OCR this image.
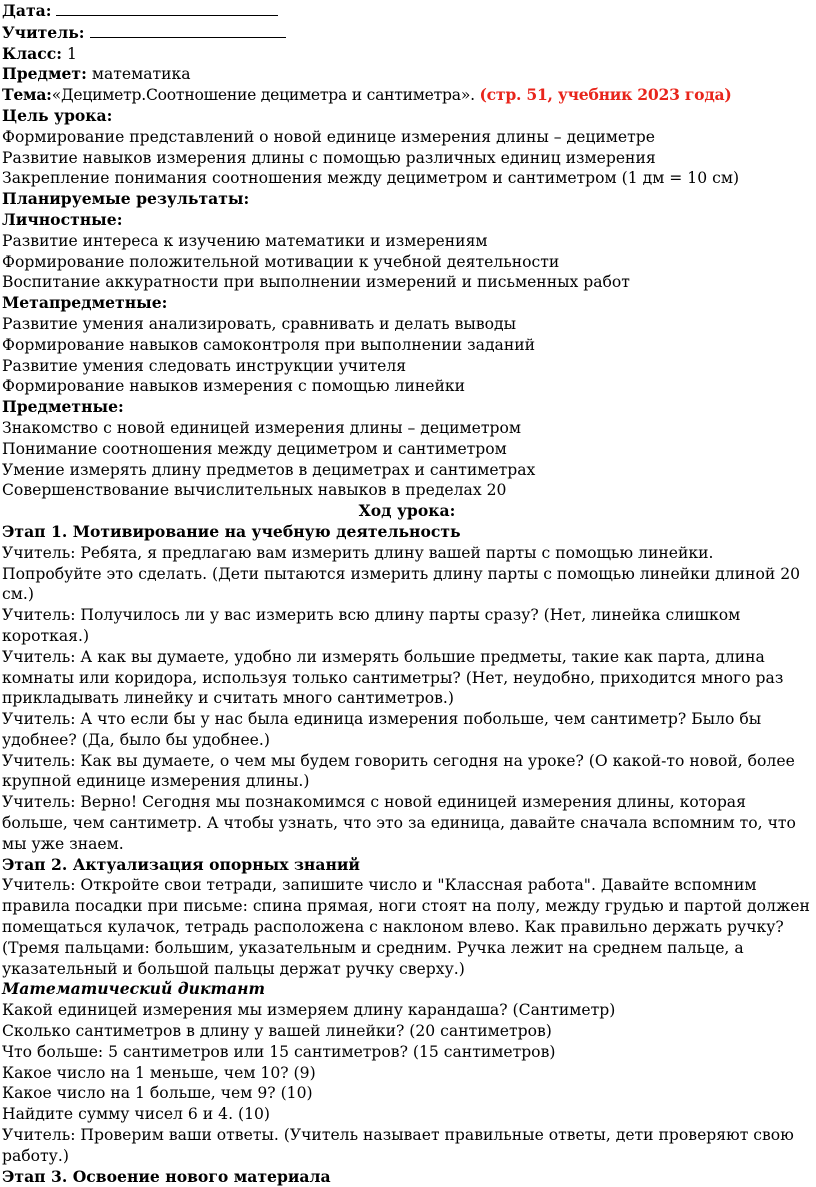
Дата:
Учитель:
Класс: 1
Предмет: математика
Тема:«Дециметр.Соотношение дециметра и сантиметра». (стр. 51, учебник 2023 года)
Цель урока:
Формирование представлений о новой единице измерения длины – дециметре
Развитие навыков измерения длины с помощью различных единиц измерения
Закрепление понимания соотношения между дециметром и сантиметром (1 дм = 10 см)
Планируемые результаты:
Личностные:
Развитие интереса к изучению математики и измерениям
Формирование положительной мотивации к учебной деятельности
Воспитание аккуратности при выполнении измерений и письменных работ
Метапредметные:
Развитие умения анализировать, сравнивать и делать выводы
Формирование навыков самоконтроля при выполнении заданий
Развитие умения следовать инструкции учителя
Формирование навыков измерения с помощью линейки
Предметные:
Знакомство с новой единицей измерения длины – дециметром
Понимание соотношения между дециметром и сантиметром
Умение измерять длину предметов в дециметрах и сантиметрах
Совершенствование вычислительных навыков в пределах 20
Ход урока:
Этап 1. Мотивирование на учебную деятельность
Учитель: Ребята, я предлагаю вам измерить длину вашей парты с помощью линейки. Попробуйте это сделать. (Дети пытаются измерить длину парты с помощью линейки длиной 20 см.)
Учитель: Получилось ли у вас измерить всю длину парты сразу? (Нет, линейка слишком короткая.)
Учитель: А как вы думаете, удобно ли измерять большие предметы, такие как парта, длина комнаты или коридора, используя только сантиметры? (Нет, неудобно, приходится много раз прикладывать линейку и считать много сантиметров.)
Учитель: А что если бы у нас была единица измерения побольше, чем сантиметр? Было бы удобнее? (Да, было бы удобнее.)
Учитель: Как вы думаете, о чем мы будем говорить сегодня на уроке? (О какой-то новой, более крупной единице измерения длины.)
Учитель: Верно! Сегодня мы познакомимся с новой единицей измерения длины, которая больше, чем сантиметр. А чтобы узнать, что это за единица, давайте сначала вспомним то, что мы уже знаем.
Этап 2. Актуализация опорных знаний
Учитель: Откройте свои тетради, запишите число и "Классная работа". Давайте вспомним правила посадки при письме: спина прямая, ноги стоят на полу, между грудью и партой должен помещаться кулачок, тетрадь расположена с наклоном влево. Как правильно держать ручку? (Тремя пальцами: большим, указательным и средним. Ручка лежит на среднем пальце, а указательный и большой пальцы держат ручку сверху.)
Математический диктант
Какой единицей измерения мы измеряем длину карандаша? (Сантиметр)
Сколько сантиметров в длину у вашей линейки? (20 сантиметров)
Что больше: 5 сантиметров или 15 сантиметров? (15 сантиметров)
Какое число на 1 меньше, чем 10? (9)
Какое число на 1 больше, чем 9? (10)
Найдите сумму чисел 6 и 4. (10)
Учитель: Проверим ваши ответы. (Учитель называет правильные ответы, дети проверяют свою работу.)
Этап 3. Освоение нового материала
